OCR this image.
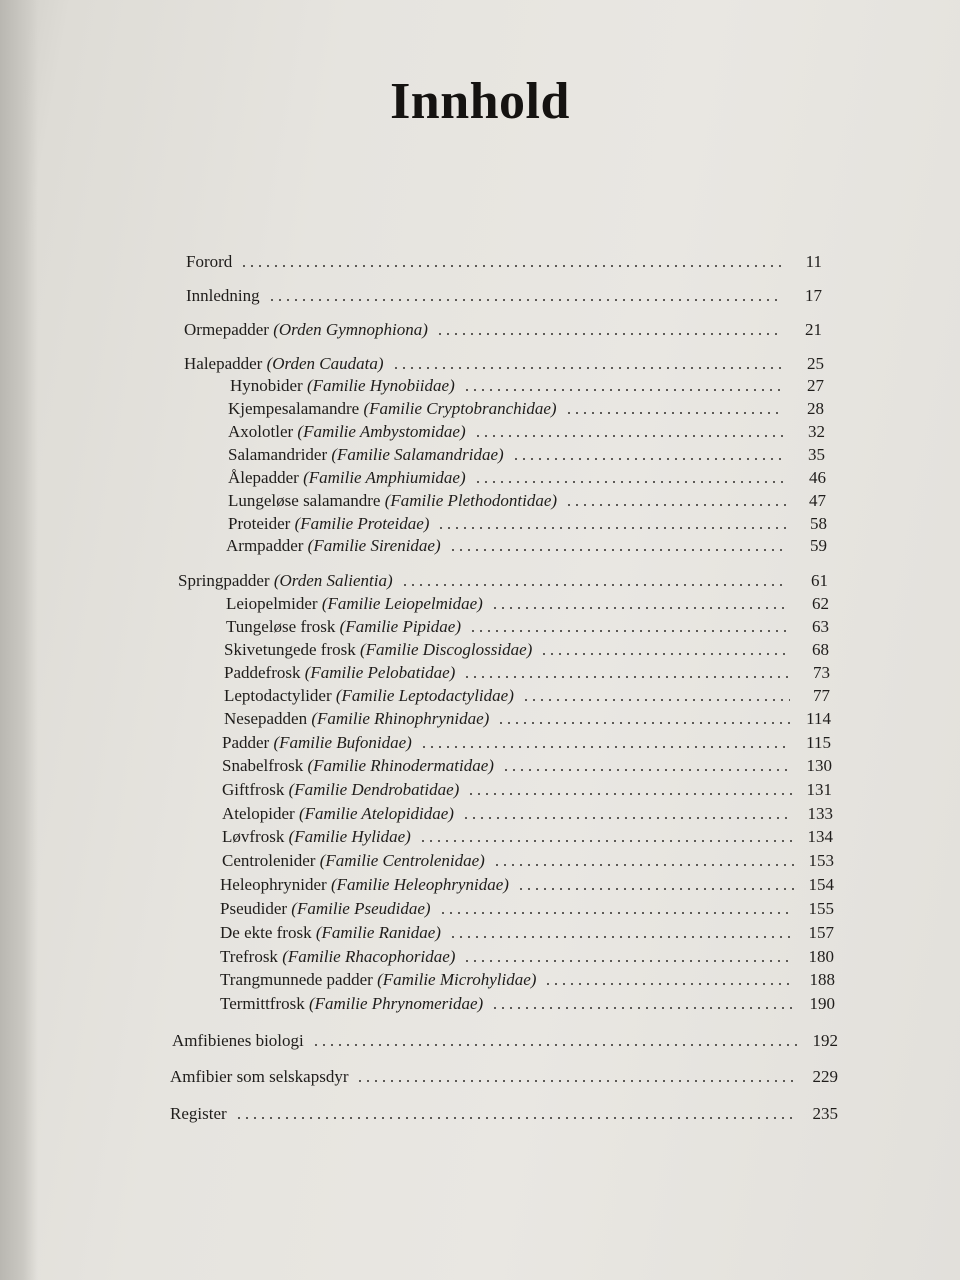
Innhold
Forord	11
Innledning	17
Ormepadder (Orden Gymnophiona)	21
Halepadder (Orden Caudata)	25
Hynobider (Familie Hynobiidae)	27
Kjempesalamandre (Familie Cryptobranchidae)	28
Axolotler (Familie Ambystomidae)	32
Salamandrider (Familie Salamandridae)	35
Ålepadder (Familie Amphiumidae)	46
Lungeløse salamandre (Familie Plethodontidae)	47
Proteider (Familie Proteidae)	58
Armpadder (Familie Sirenidae)	59
Springpadder (Orden Salientia)	61
Leiopelmider (Familie Leiopelmidae)	62
Tungeløse frosk (Familie Pipidae)	63
Skivetungede frosk (Familie Discoglossidae)	68
Paddefrosk (Familie Pelobatidae)	73
Leptodactylider (Familie Leptodactylidae)	77
Nesepadden (Familie Rhinophrynidae)	114
Padder (Familie Bufonidae)	115
Snabelfrosk (Familie Rhinodermatidae)	130
Giftfrosk (Familie Dendrobatidae)	131
Atelopider (Familie Atelopididae)	133
Løvfrosk (Familie Hylidae)	134
Centrolenider (Familie Centrolenidae)	153
Heleophrynider (Familie Heleophrynidae)	154
Pseudider (Familie Pseudidae)	155
De ekte frosk (Familie Ranidae)	157
Trefrosk (Familie Rhacophoridae)	180
Trangmunnede padder (Familie Microhylidae)	188
Termittfrosk (Familie Phrynomeridae)	190
Amfibienes biologi	192
Amfibier som selskapsdyr	229
Register	235
